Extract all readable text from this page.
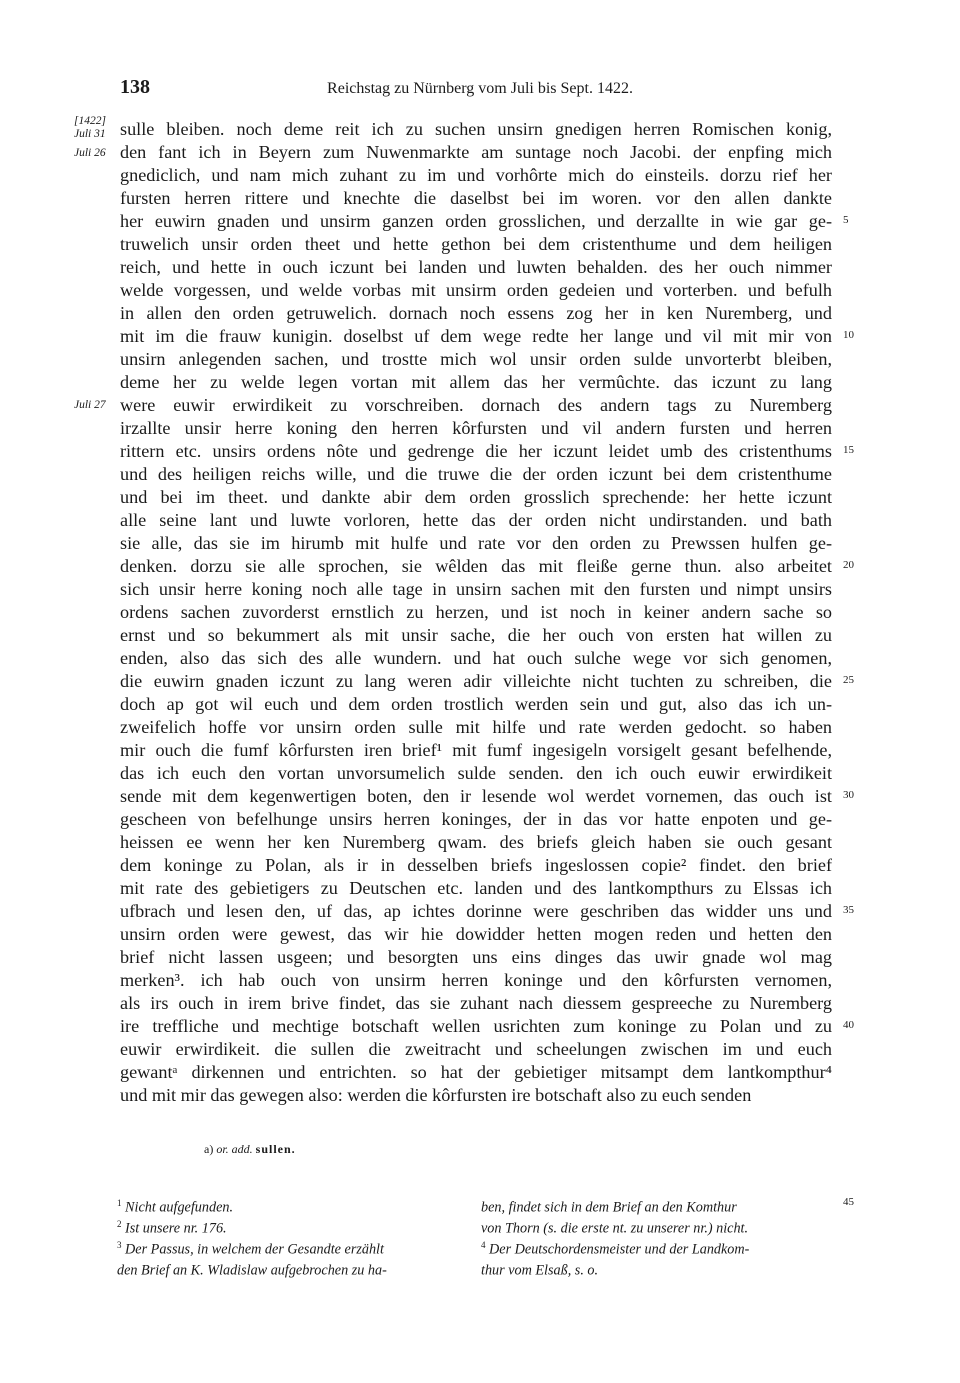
138	Reichstag zu Nürnberg vom Juli bis Sept. 1422.
[1422]
Juli 31
Juli 26
Juli 27
sulle bleiben. noch deme reit ich zu suchen unsirn gnedigen herren Romischen konig,
den fant ich in Beyern zum Nuwenmarkte am suntage noch Jacobi. der enpfing mich
gnediclich, und nam mich zuhant zu im und vorhôrte mich do einsteils. dorzu rief her
fursten herren rittere und knechte die daselbst bei im woren. vor den allen dankte
her euwirn gnaden und unsirm ganzen orden grosslichen, und derzallte in wie gar ge-
truwelich unsir orden theet und hette gethon bei dem cristenthume und dem heiligen
reich, und hette in ouch iczunt bei landen und luwten behalden. des her ouch nimmer
welde vorgessen, und welde vorbas mit unsirm orden gedeien und vorterben. und befulh
in allen den orden getruwelich. dornach noch essens zog her in ken Nuremberg, und
mit im die frauw kunigin. doselbst uf dem wege redte her lange und vil mit mir von
unsirn anlegenden sachen, und trostte mich wol unsir orden sulde unvorterbt bleiben,
deme her zu welde legen vortan mit allem das her vermûchte. das iczunt zu lang
were euwir erwirdikeit zu vorschreiben. dornach des andern tags zu Nuremberg
irzallte unsir herre koning den herren kôrfursten und vil andern fursten und herren
rittern etc. unsirs ordens nôte und gedrenge die her iczunt leidet umb des cristenthums
und des heiligen reichs wille, und die truwe die der orden iczunt bei dem cristenthume
und bei im theet. und dankte abir dem orden grosslich sprechende: her hette iczunt
alle seine lant und luwte vorloren, hette das der orden nicht undirstanden. und bath
sie alle, das sie im hirumb mit hulfe und rate vor den orden zu Prewssen hulfen ge-
denken. dorzu sie alle sprochen, sie wêlden das mit fleiße gerne thun. also arbeitet
sich unsir herre koning noch alle tage in unsirn sachen mit den fursten und nimpt unsirs
ordens sachen zuvorderst ernstlich zu herzen, und ist noch in keiner andern sache so
ernst und so bekummert als mit unsir sache, die her ouch von ersten hat willen zu
enden, also das sich des alle wundern. und hat ouch sulche wege vor sich genomen,
die euwirn gnaden iczunt zu lang weren adir villeichte nicht tuchten zu schreiben, die
doch ap got wil euch und dem orden trostlich werden sein und gut, also das ich un-
zweifelich hoffe vor unsirn orden sulle mit hilfe und rate werden gedocht. so haben
mir ouch die fumf kôrfursten iren brief¹ mit fumf ingesigeln vorsigelt gesant befelhende,
das ich euch den vortan unvorsumelich sulde senden. den ich ouch euwir erwirdikeit
sende mit dem kegenwertigen boten, den ir lesende wol werdet vornemen, das ouch ist
gescheen von befelhunge unsirs herren koninges, der in das vor hatte enpoten und ge-
heissen ee wenn her ken Nuremberg qwam. des briefs gleich haben sie ouch gesant
dem koninge zu Polan, als ir in desselben briefs ingeslossen copie² findet. den brief
mit rate des gebietigers zu Deutschen etc. landen und des lantkompthurs zu Elssas ich
ufbrach und lesen den, uf das, ap ichtes dorinne were geschriben das widder uns und
unsirn orden were gewest, das wir hie dowidder hetten mogen reden und hetten den
brief nicht lassen usgeen; und besorgten uns eins dinges das uwir gnade wol mag
merken³. ich hab ouch von unsirm herren koninge und den kôrfursten vernomen,
als irs ouch in irem brive findet, das sie zuhant nach diessem gespreeche zu Nuremberg
ire treffliche und mechtige botschaft wellen usrichten zum koninge zu Polan und zu
euwir erwirdikeit. die sullen die zweitracht und scheelungen zwischen im und euch
gewantᵃ dirkennen und entrichten. so hat der gebietiger mitsampt dem lantkompthur⁴
und mit mir das gewegen also: werden die kôrfursten ire botschaft also zu euch senden
5
10
15
20
25
30
35
40
a) or. add. sullen.
$^1$ Nicht aufgefunden.
$^2$ Ist unsere nr. 176.
$^3$ Der Passus, in welchem der Gesandte erzählt
den Brief an K. Wladislaw aufgebrochen zu ha-
ben, findet sich in dem Brief an den Komthur
von Thorn (s. die erste nt. zu unserer nr.) nicht.
$^4$ Der Deutschordensmeister und der Landkom-
thur vom Elsaß, s. o.
45
